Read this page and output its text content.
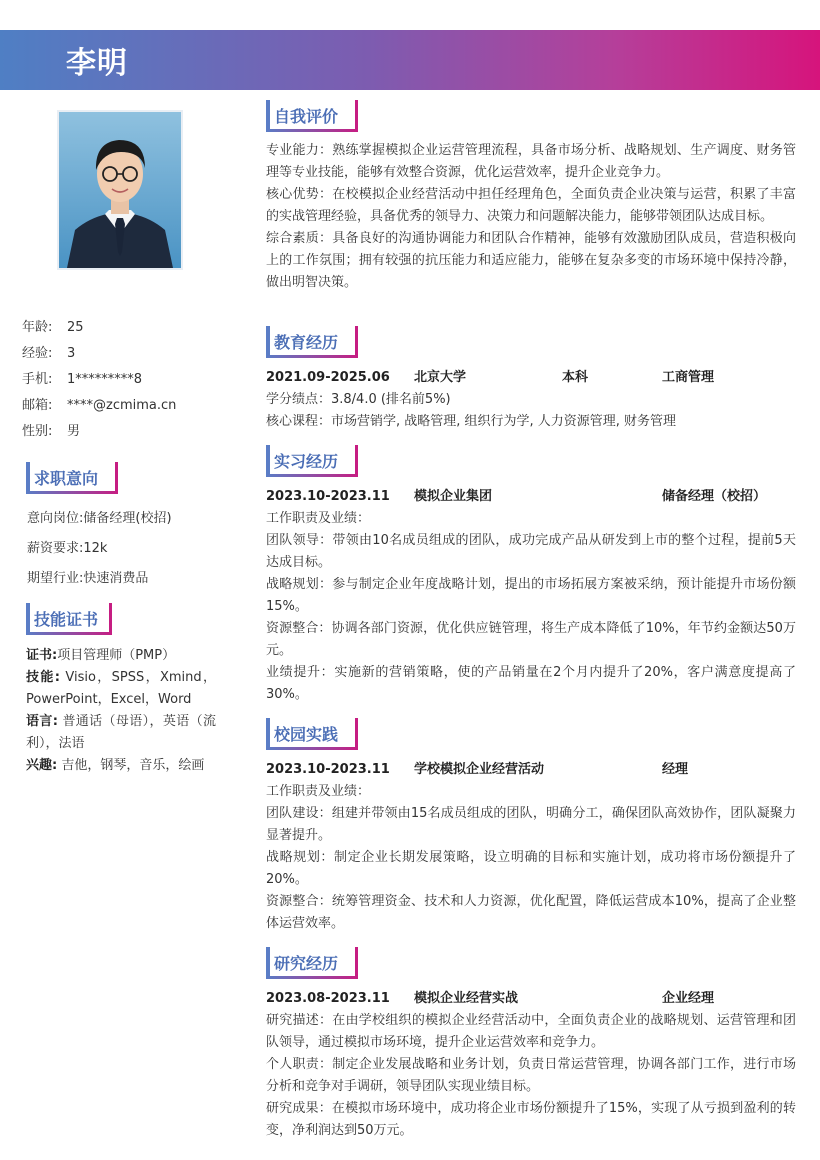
李明
年龄: 25
经验: 3
手机: 1*********8
邮箱: ****@zcmima.cn
性别: 男
求职意向
意向岗位:储备经理(校招)
薪资要求:12k
期望行业:快速消费品
技能证书
证书:项目管理师（PMP）
技能: Visio，SPSS，Xmind，PowerPoint，Excel，Word
语言: 普通话（母语），英语（流利），法语
兴趣: 吉他，钢琴，音乐，绘画
自我评价
专业能力：熟练掌握模拟企业运营管理流程，具备市场分析、战略规划、生产调度、财务管理等专业技能，能够有效整合资源，优化运营效率，提升企业竞争力。
核心优势：在校模拟企业经营活动中担任经理角色，全面负责企业决策与运营，积累了丰富的实战管理经验，具备优秀的领导力、决策力和问题解决能力，能够带领团队达成目标。
综合素质：具备良好的沟通协调能力和团队合作精神，能够有效激励团队成员，营造积极向上的工作氛围；拥有较强的抗压能力和适应能力，能够在复杂多变的市场环境中保持冷静，做出明智决策。
教育经历
2021.09-2025.06 北京大学	本科	工商管理
学分绩点：3.8/4.0 (排名前5%)
核心课程：市场营销学, 战略管理, 组织行为学, 人力资源管理, 财务管理
实习经历
2023.10-2023.11 模拟企业集团	储备经理（校招）
工作职责及业绩：
团队领导：带领由10名成员组成的团队，成功完成产品从研发到上市的整个过程，提前5天达成目标。
战略规划：参与制定企业年度战略计划，提出的市场拓展方案被采纳，预计能提升市场份额15%。
资源整合：协调各部门资源，优化供应链管理，将生产成本降低了10%，年节约金额达50万元。
业绩提升：实施新的营销策略，使的产品销量在2个月内提升了20%，客户满意度提高了30%。
校园实践
2023.10-2023.11 学校模拟企业经营活动	经理
工作职责及业绩：
团队建设：组建并带领由15名成员组成的团队，明确分工，确保团队高效协作，团队凝聚力显著提升。
战略规划：制定企业长期发展策略，设立明确的目标和实施计划，成功将市场份额提升了20%。
资源整合：统筹管理资金、技术和人力资源，优化配置，降低运营成本10%，提高了企业整体运营效率。
研究经历
2023.08-2023.11 模拟企业经营实战	企业经理
研究描述：在由学校组织的模拟企业经营活动中，全面负责企业的战略规划、运营管理和团队领导，通过模拟市场环境，提升企业运营效率和竞争力。
个人职责：制定企业发展战略和业务计划，负责日常运营管理，协调各部门工作，进行市场分析和竞争对手调研，领导团队实现业绩目标。
研究成果：在模拟市场环境中，成功将企业市场份额提升了15%，实现了从亏损到盈利的转变，净利润达到50万元。
